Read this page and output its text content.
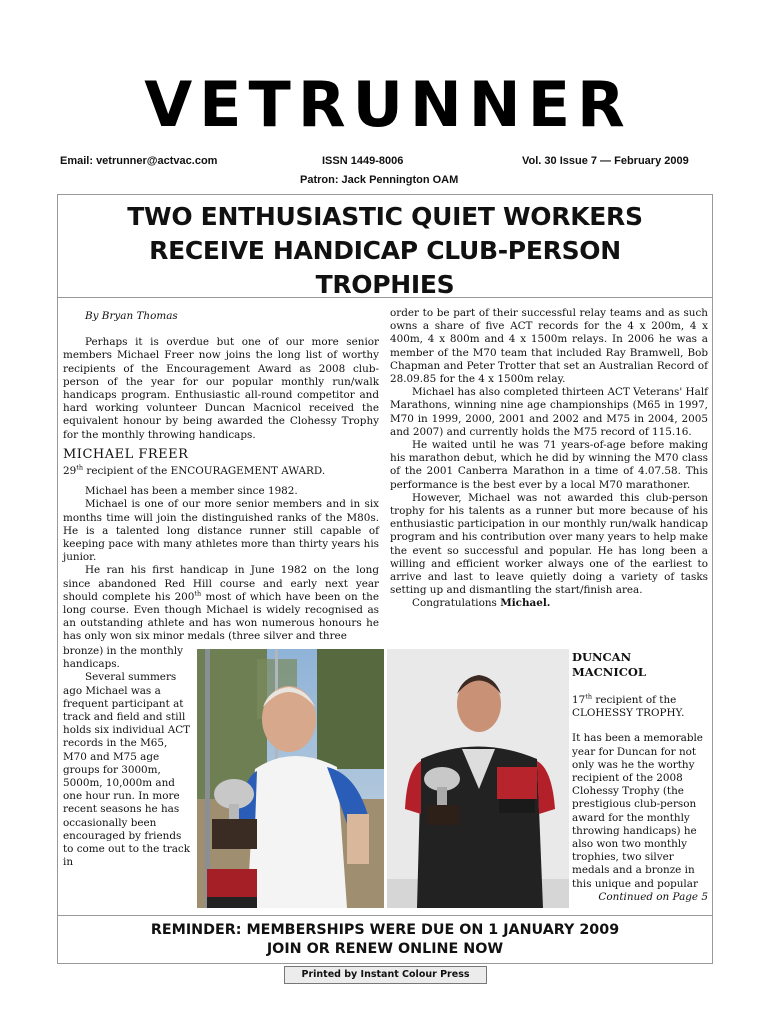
VETRUNNER
Email: vetrunner@actvac.com	ISSN 1449-8006	Vol. 30 Issue 7 — February 2009
Patron: Jack Pennington OAM
TWO ENTHUSIASTIC QUIET WORKERS
RECEIVE HANDICAP CLUB-PERSON
TROPHIES

By Bryan Thomas

Perhaps it is overdue but one of our more senior members Michael Freer now joins the long list of worthy recipients of the Encouragement Award as 2008 club-person of the year for our popular monthly run/walk handicaps program. Enthusiastic all-round competitor and hard working volunteer Duncan Macnicol received the equivalent honour by being awarded the Clohessy Trophy for the monthly throwing handicaps.

MICHAEL FREER

29th recipient of the ENCOURAGEMENT AWARD.

Michael has been a member since 1982.

Michael is one of our more senior members and in six months time will join the distinguished ranks of the M80s. He is a talented long distance runner still capable of keeping pace with many athletes more than thirty years his junior.

He ran his first handicap in June 1982 on the long since abandoned Red Hill course and early next year should complete his 200th most of which have been on the long course. Even though Michael is widely recognised as an outstanding athlete and has won numerous honours he has only won six minor medals (three silver and three

bronze) in the monthly handicaps.

Several summers ago Michael was a frequent participant at track and field and still holds six individual ACT records in the M65, M70 and M75 age groups for 3000m, 5000m, 10,000m and one hour run. In more recent seasons he has occasionally been encouraged by friends to come out to the track in

order to be part of their successful relay teams and as such owns a share of five ACT records for the 4 x 200m, 4 x 400m, 4 x 800m and 4 x 1500m relays. In 2006 he was a member of the M70 team that included Ray Bramwell, Bob Chapman and Peter Trotter that set an Australian Record of 28.09.85 for the 4 x 1500m relay.

Michael has also completed thirteen ACT Veterans' Half Marathons, winning nine age championships (M65 in 1997, M70 in 1999, 2000, 2001 and 2002 and M75 in 2004, 2005 and 2007) and currently holds the M75 record of 115.16.

He waited until he was 71 years-of-age before making his marathon debut, which he did by winning the M70 class of the 2001 Canberra Marathon in a time of 4.07.58. This performance is the best ever by a local M70 marathoner.

However, Michael was not awarded this club-person trophy for his talents as a runner but more because of his enthusiastic participation in our monthly run/walk handicap program and his contribution over many years to help make the event so successful and popular. He has long been a willing and efficient worker always one of the earliest to arrive and last to leave quietly doing a variety of tasks setting up and dismantling the start/finish area.

Congratulations Michael.

DUNCAN
MACNICOL

17th recipient of the CLOHESSY TROPHY.

It has been a memorable year for Duncan for not only was he the worthy recipient of the 2008 Clohessy Trophy (the prestigious club-person award for the monthly throwing handicaps) he also won two monthly trophies, two silver medals and a bronze in this unique and popular

Continued on Page 5

REMINDER: MEMBERSHIPS WERE DUE ON 1 JANUARY 2009
JOIN OR RENEW ONLINE NOW
Printed by Instant Colour Press
